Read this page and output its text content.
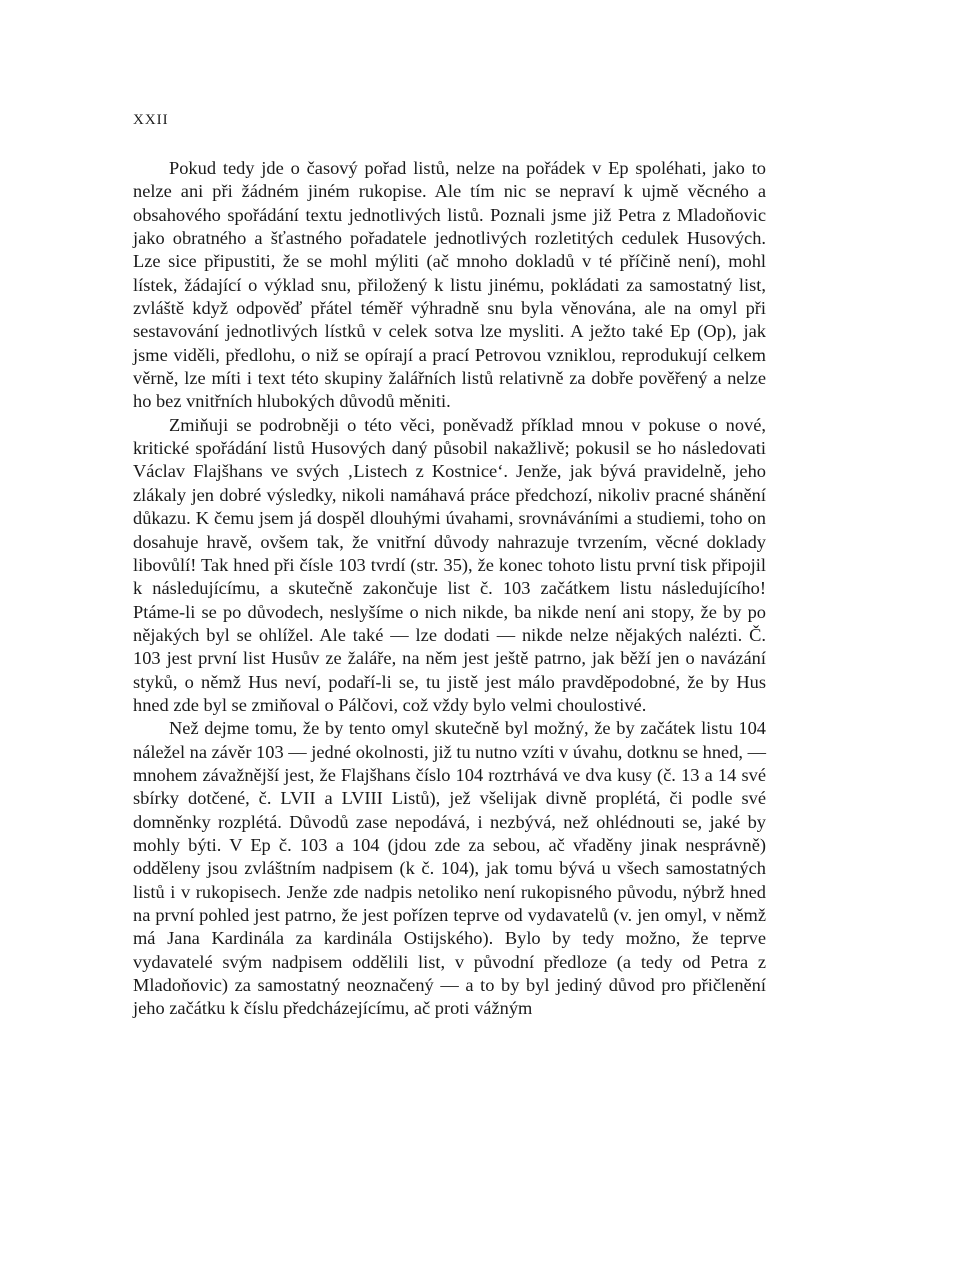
XXII

Pokud tedy jde o časový pořad listů, nelze na pořádek v Ep spoléhati, jako to nelze ani při žádném jiném rukopise. Ale tím nic se nepraví k ujmě věcného a obsahového spořádání textu jednotlivých listů. Poznali jsme již Petra z Mladoňovic jako obratného a šťastného pořadatele jednotlivých rozletitých cedulek Husových. Lze sice připustiti, že se mohl mýliti (ač mnoho dokladů v té příčině není), mohl lístek, žádající o výklad snu, přiložený k listu jinému, pokládati za samostatný list, zvláště když odpověď přátel téměř výhradně snu byla věnována, ale na omyl při sestavování jednotlivých lístků v celek sotva lze mysliti. A ježto také Ep (Op), jak jsme viděli, předlohu, o niž se opírají a prací Petrovou vzniklou, reprodukují celkem věrně, lze míti i text této skupiny žalářních listů relativně za dobře pověřený a nelze ho bez vnitřních hlubokých důvodů měniti.

Zmiňuji se podrobněji o této věci, poněvadž příklad mnou v pokuse o nové, kritické spořádání listů Husových daný působil nakažlivě; pokusil se ho následovati Václav Flajšhans ve svých ‚Listech z Kostnice‘. Jenže, jak bývá pravidelně, jeho zlákaly jen dobré výsledky, nikoli namáhavá práce předchozí, nikoliv pracné shánění důkazu. K čemu jsem já dospěl dlouhými úvahami, srovnáváními a studiemi, toho on dosahuje hravě, ovšem tak, že vnitřní důvody nahrazuje tvrzením, věcné doklady libovůlí! Tak hned při čísle 103 tvrdí (str. 35), že konec tohoto listu první tisk připojil k následujícímu, a skutečně zakončuje list č. 103 začátkem listu následujícího! Ptáme-li se po důvodech, neslyšíme o nich nikde, ba nikde není ani stopy, že by po nějakých byl se ohlížel. Ale také — lze dodati — nikde nelze nějakých nalézti. Č. 103 jest první list Husův ze žaláře, na něm jest ještě patrno, jak běží jen o navázání styků, o němž Hus neví, podaří-li se, tu jistě jest málo pravděpodobné, že by Hus hned zde byl se zmiňoval o Pálčovi, což vždy bylo velmi choulostivé.

Než dejme tomu, že by tento omyl skutečně byl možný, že by začátek listu 104 náležel na závěr 103 — jedné okolnosti, již tu nutno vzíti v úvahu, dotknu se hned, — mnohem závažnější jest, že Flajšhans číslo 104 roztrhává ve dva kusy (č. 13 a 14 své sbírky dotčené, č. LVII a LVIII Listů), jež všelijak divně proplétá, či podle své domněnky rozplétá. Důvodů zase nepodává, i nezbývá, než ohlédnouti se, jaké by mohly býti. V Ep č. 103 a 104 (jdou zde za sebou, ač vřaděny jinak nesprávně) odděleny jsou zvláštním nadpisem (k č. 104), jak tomu bývá u všech samostatných listů i v rukopisech. Jenže zde nadpis netoliko není rukopisného původu, nýbrž hned na první pohled jest patrno, že jest pořízen teprve od vydavatelů (v. jen omyl, v němž má Jana Kardinála za kardinála Ostijského). Bylo by tedy možno, že teprve vydavatelé svým nadpisem oddělili list, v původní předloze (a tedy od Petra z Mladoňovic) za samostatný neoznačený — a to by byl jediný důvod pro přičlenění jeho začátku k číslu předcházejícímu, ač proti vážným
